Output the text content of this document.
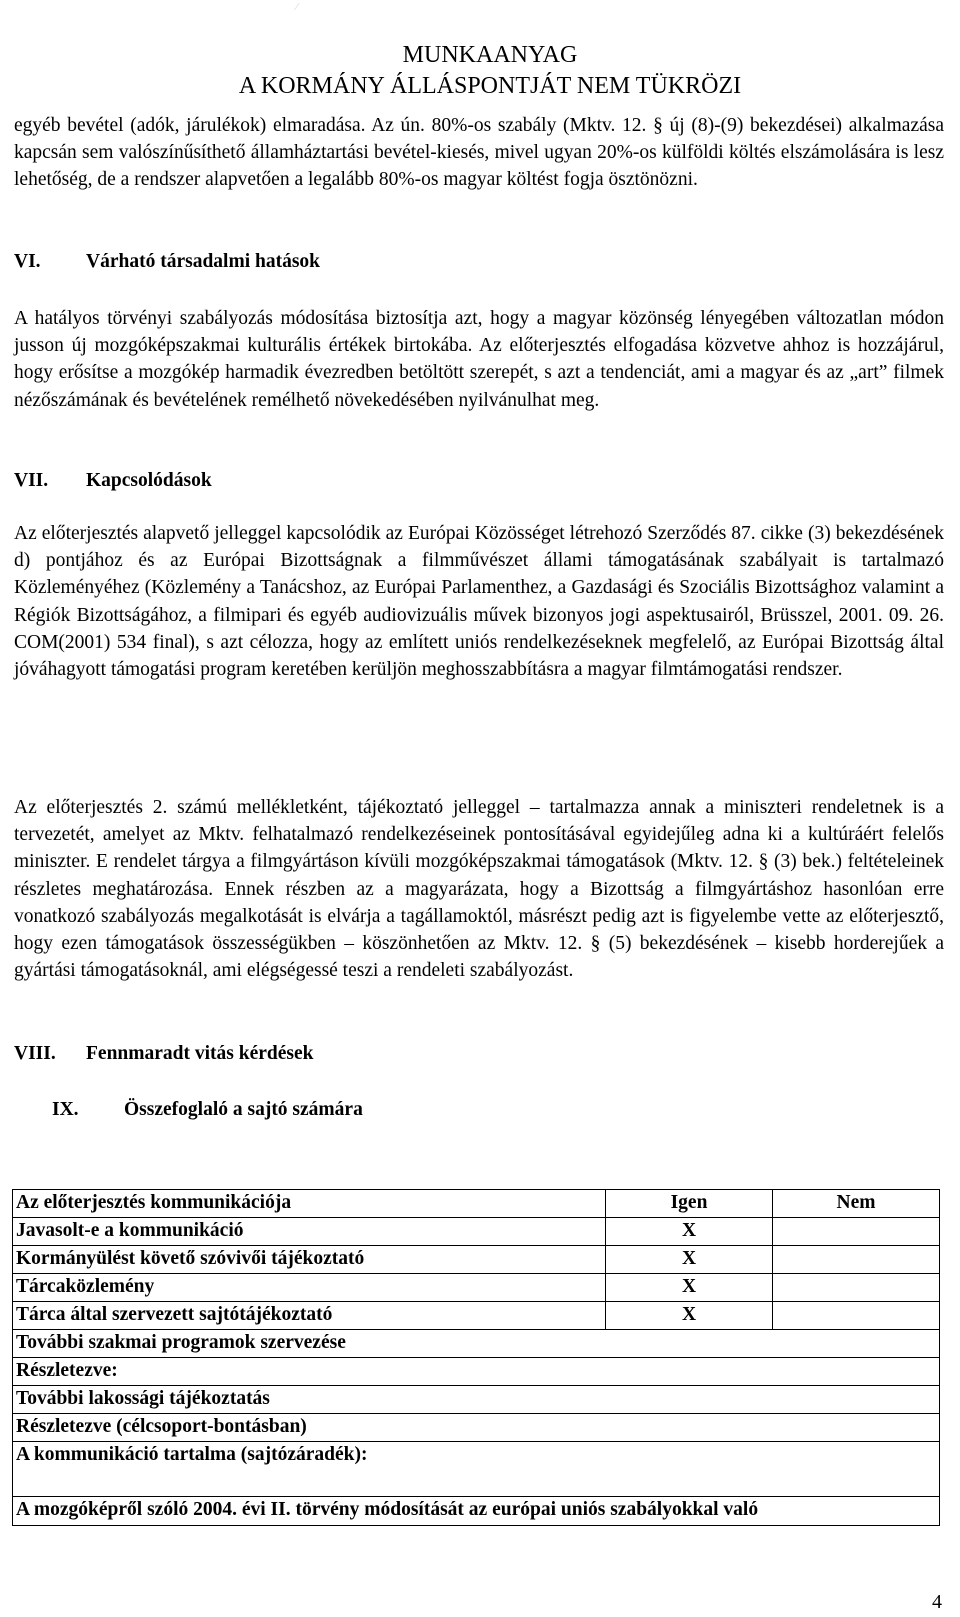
⁄
MUNKAANYAG
A KORMÁNY ÁLLÁSPONTJÁT NEM TÜKRÖZI

egyéb bevétel (adók, járulékok) elmaradása. Az ún. 80%-os szabály (Mktv. 12. § új (8)-(9) bekezdései) alkalmazása kapcsán sem valószínűsíthető államháztartási bevétel-kiesés, mivel ugyan 20%-os külföldi költés elszámolására is lesz lehetőség, de a rendszer alapvetően a legalább 80%-os magyar költést fogja ösztönözni.

VI. Várható társadalmi hatások

A hatályos törvényi szabályozás módosítása biztosítja azt, hogy a magyar közönség lényegében változatlan módon jusson új mozgóképszakmai kulturális értékek birtokába. Az előterjesztés elfogadása közvetve ahhoz is hozzájárul, hogy erősítse a mozgókép harmadik évezredben betöltött szerepét, s azt a tendenciát, ami a magyar és az „art” filmek nézőszámának és bevételének remélhető növekedésében nyilvánulhat meg.

VII. Kapcsolódások

Az előterjesztés alapvető jelleggel kapcsolódik az Európai Közösséget létrehozó Szerződés 87. cikke (3) bekezdésének d) pontjához és az Európai Bizottságnak a filmművészet állami támogatásának szabályait is tartalmazó Közleményéhez (Közlemény a Tanácshoz, az Európai Parlamenthez, a Gazdasági és Szociális Bizottsághoz valamint a Régiók Bizottságához, a filmipari és egyéb audiovizuális művek bizonyos jogi aspektusairól, Brüsszel, 2001. 09. 26. COM(2001) 534 final), s azt célozza, hogy az említett uniós rendelkezéseknek megfelelő, az Európai Bizottság által jóváhagyott támogatási program keretében kerüljön meghosszabbításra a magyar filmtámogatási rendszer.

Az előterjesztés 2. számú mellékletként, tájékoztató jelleggel – tartalmazza annak a miniszteri rendeletnek is a tervezetét, amelyet az Mktv. felhatalmazó rendelkezéseinek pontosításával egyidejűleg adna ki a kultúráért felelős miniszter. E rendelet tárgya a filmgyártáson kívüli mozgóképszakmai támogatások (Mktv. 12. § (3) bek.) feltételeinek részletes meghatározása. Ennek részben az a magyarázata, hogy a Bizottság a filmgyártáshoz hasonlóan erre vonatkozó szabályozás megalkotását is elvárja a tagállamoktól, másrészt pedig azt is figyelembe vette az előterjesztő, hogy ezen támogatások összességükben – köszönhetően az Mktv. 12. § (5) bekezdésének – kisebb horderejűek a gyártási támogatásoknál, ami elégségessé teszi a rendeleti szabályozást.

VIII. Fennmaradt vitás kérdések
IX. Összefoglaló a sajtó számára
Az előterjesztés kommunikációja	Igen	Nem
Javasolt-e a kommunikáció	X	
Kormányülést követő szóvivői tájékoztató	X	
Tárcaközlemény	X	
Tárca által szervezett sajtótájékoztató	X	
További szakmai programok szervezése		
Részletezve:		
További lakossági tájékoztatás		
Részletezve (célcsoport-bontásban)		
A kommunikáció tartalma (sajtózáradék):		
A mozgóképről szóló 2004. évi II. törvény módosítását az európai uniós szabályokkal való		
4
